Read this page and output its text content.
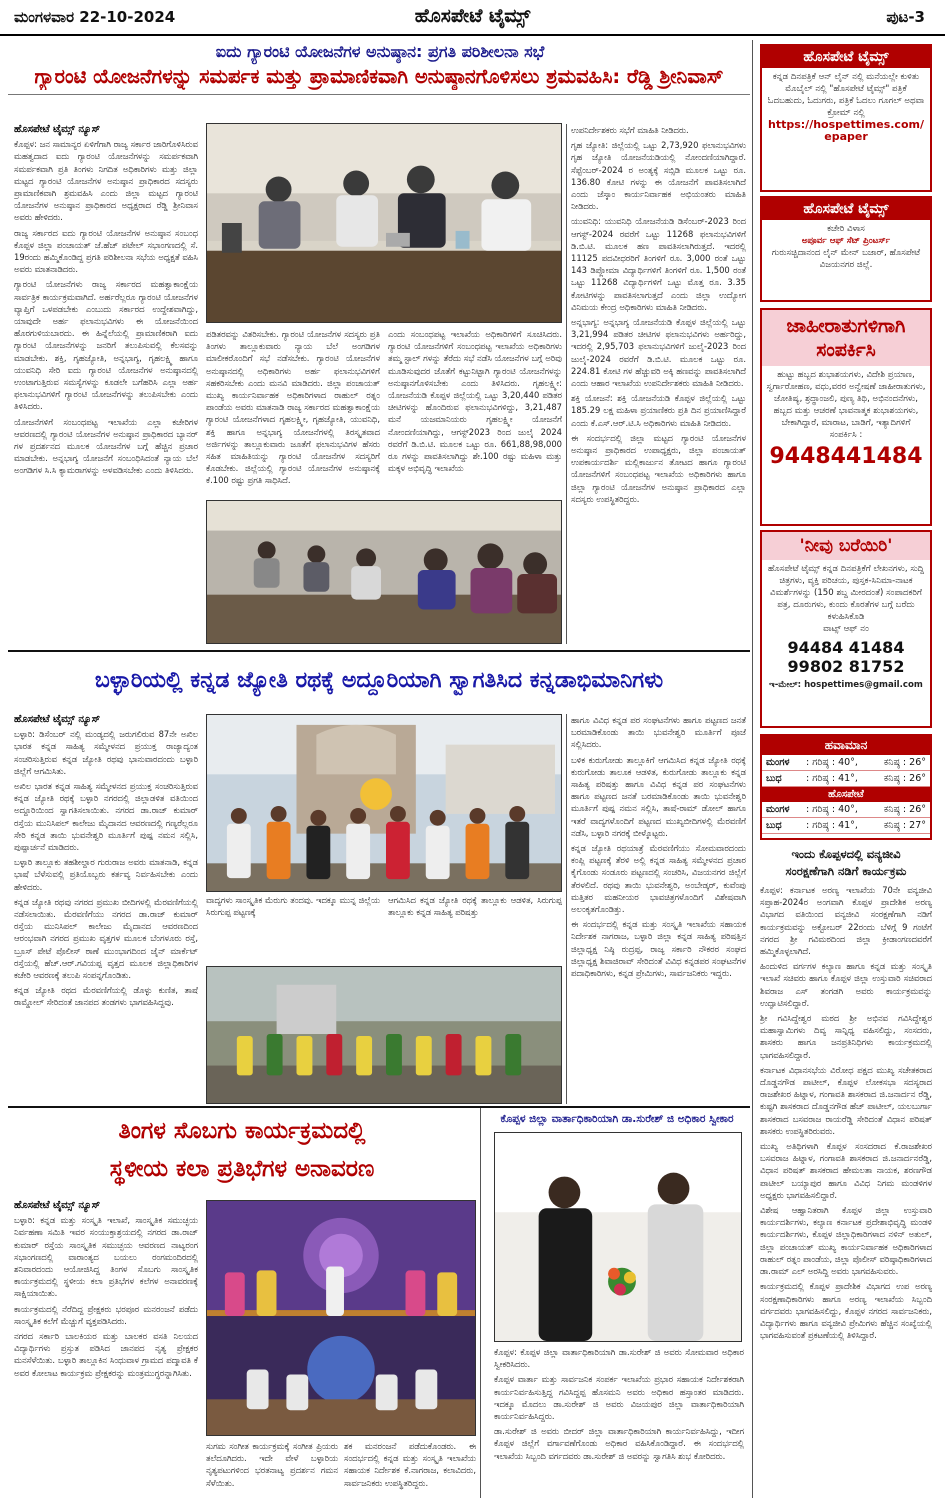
ಮಂಗಳವಾರ 22-10-2024	ಹೊಸಪೇಟೆ ಟೈಮ್ಸ್	ಪುಟ-3
ಐದು ಗ್ಯಾರಂಟಿ ಯೋಜನೆಗಳ ಅನುಷ್ಠಾನ: ಪ್ರಗತಿ ಪರಿಶೀಲನಾ ಸಭೆ
ಗ್ಯಾರಂಟಿ ಯೋಜನೆಗಳನ್ನು ಸಮರ್ಪಕ ಮತ್ತು ಪ್ರಾಮಾಣಿಕವಾಗಿ ಅನುಷ್ಠಾನಗೊಳಿಸಲು ಶ್ರಮವಹಿಸಿ: ರೆಡ್ಡಿ ಶ್ರೀನಿವಾಸ್
ಹೊಸಪೇಟೆ ಟೈಮ್ಸ್ ನ್ಯೂಸ್

ಕೊಪ್ಪಳ: ಜನ ಸಾಮಾನ್ಯರ ಏಳಿಗೆಗಾಗಿ ರಾಜ್ಯ ಸರ್ಕಾರ ಜಾರಿಗೊಳಿಸಿರುವ ಮಹತ್ವದಾದ ಐದು ಗ್ಯಾರಂಟಿ ಯೋಜನೆಗಳನ್ನು ಸಮರ್ಪಕವಾಗಿ ಸಮರ್ಪಕವಾಗಿ ಪ್ರತಿ ತಿಂಗಳು ನಿಗದಿತ ಅಧಿಕಾರಿಗಳು ಮತ್ತು ಜಿಲ್ಲಾ ಮಟ್ಟದ ಗ್ಯಾರಂಟಿ ಯೋಜನೆಗಳ ಅನುಷ್ಠಾನ ಪ್ರಾಧಿಕಾರದ ಸದಸ್ಯರು ಪ್ರಾಮಾಣಿಕವಾಗಿ ಶ್ರಮವಹಿಸಿ ಎಂದು ಜಿಲ್ಲಾ ಮಟ್ಟದ ಗ್ಯಾರಂಟಿ ಯೋಜನೆಗಳ ಅನುಷ್ಠಾನ ಪ್ರಾಧಿಕಾರದ ಅಧ್ಯಕ್ಷರಾದ ರೆಡ್ಡಿ ಶ್ರೀನಿವಾಸ ಅವರು ಹೇಳಿದರು.

ರಾಜ್ಯ ಸರ್ಕಾರದ ಐದು ಗ್ಯಾರಂಟಿ ಯೋಜನೆಗಳ ಅನುಷ್ಠಾನ ಸಂಬಂಧ ಕೊಪ್ಪಳ ಜಿಲ್ಲಾ ಪಂಚಾಯತ್ ಜೆ.ಹೆಚ್ ಪಟೇಲ್ ಸಭಾಂಗಣದಲ್ಲಿ ಸೆ. 19ರಂದು ಹಮ್ಮಿಕೊಂಡಿದ್ದ ಪ್ರಗತಿ ಪರಿಶೀಲನಾ ಸಭೆಯ ಅಧ್ಯಕ್ಷತೆ ವಹಿಸಿ ಅವರು ಮಾತನಾಡಿದರು.

ಗ್ಯಾರಂಟಿ ಯೋಜನೆಗಳು ರಾಜ್ಯ ಸರ್ಕಾರದ ಮಹತ್ವಾಕಾಂಕ್ಷೆಯ ಸಾರ್ವತ್ರಿಕ ಕಾರ್ಯಕ್ರಮವಾಗಿದೆ. ಅರ್ಹರೆಲ್ಲರೂ ಗ್ಯಾರಂಟಿ ಯೋಜನೆಗಳ ವ್ಯಾಪ್ತಿಗೆ ಒಳಪಡಬೇಕು ಎಂಬುದು ಸರ್ಕಾರದ ಉದ್ದೇಶವಾಗಿದ್ದು, ಯಾವುದೇ ಅರ್ಹ ಫಲಾನುಭವಿಗಳು ಈ ಯೋಜನೆಯಿಂದ ಹೊರಗುಳಿಯಬಾರದು. ಈ ಹಿನ್ನೆಲೆಯಲ್ಲಿ ಪ್ರಾಮಾಣಿಕರಾಗಿ ಐದು ಗ್ಯಾರಂಟಿ ಯೋಜನೆಗಳನ್ನು ಜನರಿಗೆ ತಲುಪಿಸುವಲ್ಲಿ ಕೆಲಸವನ್ನು ಮಾಡಬೇಕು. ಶಕ್ತಿ, ಗೃಹಜ್ಯೋತಿ, ಅನ್ನಭಾಗ್ಯ, ಗೃಹಲಕ್ಷ್ಮಿ ಹಾಗೂ ಯುವನಿಧಿ ಸೇರಿ ಐದು ಗ್ಯಾರಂಟಿ ಯೋಜನೆಗಳ ಅನುಷ್ಠಾನದಲ್ಲಿ ಉಂಟಾಗುತ್ತಿರುವ ಸಮಸ್ಯೆಗಳನ್ನು ಕೂಡಲೇ ಬಗೆಹರಿಸಿ ಎಲ್ಲಾ ಅರ್ಹ ಫಲಾನುಭವಿಗಳಿಗೆ ಗ್ಯಾರಂಟಿ ಯೋಜನೆಗಳನ್ನು ತಲುಪಿಸಬೇಕು ಎಂದು ತಿಳಿಸಿದರು.

ಯೋಜನೆಗಳಿಗೆ ಸಂಬಂಧಪಟ್ಟ ಇಲಾಖೆಯ ಎಲ್ಲಾ ಕಚೇರಿಗಳ ಆವರಣದಲ್ಲಿ ಗ್ಯಾರಂಟಿ ಯೋಜನೆಗಳ ಅನುಷ್ಠಾನ ಪ್ರಾಧಿಕಾರದ ಬ್ಯಾನರ್ ಗಳ ಪ್ರದರ್ಶನದ ಮೂಲಕ ಯೋಜನೆಗಳ ಬಗ್ಗೆ ಹೆಚ್ಚಿನ ಪ್ರಚಾರ ಮಾಡಬೇಕು. ಅನ್ನಭಾಗ್ಯ ಯೋಜನೆಗೆ ಸಂಬಂಧಿಸಿದಂತೆ ನ್ಯಾಯ ಬೆಲೆ ಅಂಗಡಿಗಳ ಸಿ.ಸಿ ಕ್ಯಾಮರಾಗಳನ್ನು ಅಳವಡಿಸಬೇಕು ಎಂದು ತಿಳಿಸಿದರು.

ಪಡಿತರವನ್ನು ವಿತರಿಸಬೇಕು. ಗ್ಯಾರಂಟಿ ಯೋಜನೆಗಳ ಸದಸ್ಯರು ಪ್ರತಿ ತಿಂಗಳು ತಾಲ್ಲೂಕುವಾರು ನ್ಯಾಯ ಬೆಲೆ ಅಂಗಡಿಗಳ ಮಾಲೀಕರೊಂದಿಗೆ ಸಭೆ ನಡೆಸಬೇಕು. ಗ್ಯಾರಂಟಿ ಯೋಜನೆಗಳ ಅನುಷ್ಠಾನದಲ್ಲಿ ಅಧಿಕಾರಿಗಳು ಅರ್ಹ ಫಲಾನುಭವಿಗಳಿಗೆ ಸಹಕರಿಸಬೇಕು ಎಂದು ಮನವಿ ಮಾಡಿದರು. ಜಿಲ್ಲಾ ಪಂಚಾಯತ್ ಮುಖ್ಯ ಕಾರ್ಯನಿರ್ವಾಹಕ ಅಧಿಕಾರಿಗಳಾದ ರಾಹುಲ್ ರತ್ನಂ ಪಾಂಡೆಯ ಅವರು ಮಾತನಾಡಿ ರಾಜ್ಯ ಸರ್ಕಾರದ ಮಹತ್ವಾಕಾಂಕ್ಷೆಯ ಗ್ಯಾರಂಟಿ ಯೋಜನೆಗಳಾದ ಗೃಹಲಕ್ಷ್ಮೀ, ಗೃಹಜ್ಯೋತಿ, ಯುವನಿಧಿ, ಶಕ್ತಿ ಹಾಗೂ ಅನ್ನಭಾಗ್ಯ ಯೋಜನೆಗಳಲ್ಲಿ ತಿರಸ್ಕೃತವಾದ ಅರ್ಜಿಗಳನ್ನು ತಾಲ್ಲೂಕುವಾರು ಜೂತೆಗೆ ಫಲಾನುಭವಿಗಳ ಹೆಸರು ಸಹಿತ ಮಾಹಿತಿಯನ್ನು ಗ್ಯಾರಂಟಿ ಯೋಜನೆಗಳ ಸದಸ್ಯರಿಗೆ ಕೊಡಬೇಕು. ಜಿಲ್ಲೆಯಲ್ಲಿ ಗ್ಯಾರಂಟಿ ಯೋಜನೆಗಳ ಅನುಷ್ಠಾನಕ್ಕೆ ಕೆ.100 ರಷ್ಟು ಪ್ರಗತಿ ಸಾಧಿಸಿದೆ.

ಎಂದು ಸಂಬಂಧಪಟ್ಟ ಇಲಾಖೆಯ ಅಧಿಕಾರಿಗಳಿಗೆ ಸೂಚಿಸಿದರು. ಗ್ಯಾರಂಟಿ ಯೋಜನೆಗಳಿಗೆ ಸಂಬಂಧಪಟ್ಟ ಇಲಾಖೆಯ ಅಧಿಕಾರಿಗಳು ತಮ್ಮ ಸ್ಟಾಲ್ ಗಳನ್ನು ತೆರೆದು ಸಭೆ ನಡೆಸಿ ಯೋಜನೆಗಳ ಬಗ್ಗೆ ಅರಿವು ಮೂಡಿಸುವುದರ ಜೊತೆಗೆ ಕಟ್ಟುನಿಟ್ಟಾಗಿ ಗ್ಯಾರಂಟಿ ಯೋಜನೆಗಳನ್ನು ಅನುಷ್ಠಾನಗೊಳಿಸಬೇಕು ಎಂದು ತಿಳಿಸಿದರು. ಗೃಹಲಕ್ಷ್ಮೀ: ಯೋಜನೆಯಡಿ ಕೊಪ್ಪಳ ಜಿಲ್ಲೆಯಲ್ಲಿ ಒಟ್ಟು 3,20,440 ಪಡಿತರ ಚೀಟಿಗಳನ್ನು ಹೊಂದಿರುವ ಫಲಾನುಭವಿಗಳಿದ್ದು, 3,21,487 ಮನೆ ಯಜಮಾನಿಯರು ಗೃಹಲಕ್ಷ್ಮೀ ಯೋಜನೆಗೆ ನೋಂದಣಿಯಾಗಿದ್ದು, ಆಗಸ್ಟ್2023 ರಿಂದ ಜುಲೈ 2024 ರವರೆಗೆ ಡಿ.ಬಿ.ಟಿ. ಮೂಲಕ ಒಟ್ಟು ರೂ. 661,88,98,000 ರೂ ಗಳನ್ನು ಪಾವತಿಸಲಾಗಿದ್ದು ಶೇ.100 ರಷ್ಟು ಮಹಿಳಾ ಮತ್ತು ಮಕ್ಕಳ ಅಭಿವೃದ್ಧಿ ಇಲಾಖೆಯ

ಉಪನಿರ್ದೇಶಕರು ಸಭೆಗೆ ಮಾಹಿತಿ ನೀಡಿದರು.

ಗೃಹ ಜ್ಯೋತಿ: ಜಿಲ್ಲೆಯಲ್ಲಿ ಒಟ್ಟು 2,73,920 ಫಲಾನುಭವಿಗಳು ಗೃಹ ಜ್ಯೋತಿ ಯೋಜನೆಯಡಿಯಲ್ಲಿ ನೋಂದಣಿಯಾಗಿದ್ದಾರೆ. ಸೆಪ್ಟೆಂಬರ್-2024 ರ ಅಂತ್ಯಕ್ಕೆ ಸಬ್ಸಿಡಿ ಮೂಲಕ ಒಟ್ಟು ರೂ. 136.80 ಕೋಟಿ ಗಳನ್ನು ಈ ಯೋಜನೆಗೆ ಪಾವತಿಸಲಾಗಿದೆ ಎಂದು ಜೆಸ್ಕಾಂ ಕಾರ್ಯನಿರ್ವಾಹಕ ಅಭಿಯಂತರು ಮಾಹಿತಿ ನೀಡಿದರು.

ಯುವನಿಧಿ: ಯುವನಿಧಿ ಯೋಜನೆಯಡಿ ಡಿಸೆಂಬರ್-2023 ರಿಂದ ಆಗಸ್ಟ್-2024 ರವರೆಗೆ ಒಟ್ಟು 11268 ಫಲಾನುಭವಿಗಳಿಗೆ ಡಿ.ಬಿ.ಟಿ. ಮೂಲಕ ಹಣ ಪಾವತಿಸಲಾಗಿರುತ್ತದೆ. ಇದರಲ್ಲಿ 11125 ಪದವೀಧರರಿಗೆ ತಿಂಗಳಿಗೆ ರೂ. 3,000 ರಂತೆ ಒಟ್ಟು 143 ಡಿಪ್ಲೋಮಾ ವಿದ್ಯಾರ್ಥಿಗಳಿಗೆ ತಿಂಗಳಿಗೆ ರೂ. 1,500 ರಂತೆ ಒಟ್ಟು 11268 ವಿದ್ಯಾರ್ಥಿಗಳಿಗೆ ಒಟ್ಟು ಮೊತ್ತ ರೂ. 3.35 ಕೋಟಿಗಳನ್ನು ಪಾವತಿಸಲಾಗುತ್ತದೆ ಎಂದು ಜಿಲ್ಲಾ ಉದ್ಯೋಗ ವಿನಿಮಯ ಕೇಂದ್ರ ಅಧಿಕಾರಿಗಳು ಮಾಹಿತಿ ನೀಡಿದರು.

ಅನ್ನಭಾಗ್ಯ: ಅನ್ನಭಾಗ್ಯ ಯೋಜನೆಯಡಿ ಕೊಪ್ಪಳ ಜಿಲ್ಲೆಯಲ್ಲಿ ಒಟ್ಟು 3,21,994 ಪಡಿತರ ಚೀಟಿಗಳ ಫಲಾನುಭವಿಗಳು ಅರ್ಹರಿದ್ದು, ಇದರಲ್ಲಿ 2,95,703 ಫಲಾನುಭವಿಗಳಿಗೆ ಜುಲೈ-2023 ರಿಂದ ಜುಲೈ-2024 ರವರೆಗೆ ಡಿ.ಬಿ.ಟಿ. ಮೂಲಕ ಒಟ್ಟು ರೂ. 224.81 ಕೋಟಿ ಗಳ ಹೆಚ್ಚುವರಿ ಅಕ್ಕಿ ಹಣವನ್ನು ಪಾವತಿಸಲಾಗಿದೆ ಎಂದು ಆಹಾರ ಇಲಾಖೆಯ ಉಪನಿರ್ದೇಶಕರು ಮಾಹಿತಿ ನೀಡಿದರು.

ಶಕ್ತಿ ಯೋಜನೆ: ಶಕ್ತಿ ಯೋಜನೆಯಡಿ ಕೊಪ್ಪಳ ಜಿಲ್ಲೆಯಲ್ಲಿ ಒಟ್ಟು 185.29 ಲಕ್ಷ ಮಹಿಳಾ ಪ್ರಯಾಣಿಕರು ಪ್ರತಿ ದಿನ ಪ್ರಯಾಣಿಸಿದ್ದಾರೆ ಎಂದು ಕೆ.ಎಸ್.ಆರ್.ಟಿ.ಸಿ ಅಧಿಕಾರಿಗಳು ಮಾಹಿತಿ ನೀಡಿದರು.

ಈ ಸಂದರ್ಭದಲ್ಲಿ ಜಿಲ್ಲಾ ಮಟ್ಟದ ಗ್ಯಾರಂಟಿ ಯೋಜನೆಗಳ ಅನುಷ್ಠಾನ ಪ್ರಾಧಿಕಾರದ ಉಪಾಧ್ಯಕ್ಷರು, ಜಿಲ್ಲಾ ಪಂಚಾಯತ್ ಉಪಕಾರ್ಯದರ್ಶಿ ಮಲ್ಲಿಕಾರ್ಜುನ ತೋಟದ ಹಾಗೂ ಗ್ಯಾರಂಟಿ ಯೋಜನೆಗಳಿಗೆ ಸಂಬಂಧಪಟ್ಟ ಇಲಾಖೆಯ ಅಧಿಕಾರಿಗಳು ಹಾಗೂ ಜಿಲ್ಲಾ ಗ್ಯಾರಂಟಿ ಯೋಜನೆಗಳ ಅನುಷ್ಠಾನ ಪ್ರಾಧಿಕಾರದ ಎಲ್ಲಾ ಸದಸ್ಯರು ಉಪಸ್ಥಿತರಿದ್ದರು.

ಬಳ್ಳಾರಿಯಲ್ಲಿ ಕನ್ನಡ ಜ್ಯೋತಿ ರಥಕ್ಕೆ ಅದ್ದೂರಿಯಾಗಿ ಸ್ವಾಗತಿಸಿದ ಕನ್ನಡಾಭಿಮಾನಿಗಳು
ಹೊಸಪೇಟೆ ಟೈಮ್ಸ್ ನ್ಯೂಸ್

ಬಳ್ಳಾರಿ: ಡಿಸೆಂಬರ್ ನಲ್ಲಿ ಮಂಡ್ಯದಲ್ಲಿ ಜರುಗಲಿರುವ 87ನೇ ಅಖಿಲ ಭಾರತ ಕನ್ನಡ ಸಾಹಿತ್ಯ ಸಮ್ಮೇಳನದ ಪ್ರಯುಕ್ತ ರಾಜ್ಯಾದ್ಯಂತ ಸಂಚರಿಸುತ್ತಿರುವ ಕನ್ನಡ ಜ್ಯೋತಿ ರಥವು ಭಾನುವಾರದಂದು ಬಳ್ಳಾರಿ ಜಿಲ್ಲೆಗೆ ಆಗಮಿಸಿತು.

ಅಖಿಲ ಭಾರತ ಕನ್ನಡ ಸಾಹಿತ್ಯ ಸಮ್ಮೇಳನದ ಪ್ರಯುಕ್ತ ಸಂಚರಿಸುತ್ತಿರುವ ಕನ್ನಡ ಜ್ಯೋತಿ ರಥಕ್ಕೆ ಬಳ್ಳಾರಿ ನಗರದಲ್ಲಿ ಜಿಲ್ಲಾಡಳಿತ ವತಿಯಿಂದ ಅದ್ದೂರಿಯಿಂದ ಸ್ವಾಗತಿಸಲಾಯಿತು. ನಗರದ ಡಾ.ರಾಜ್ ಕುಮಾರ್ ರಸ್ತೆಯ ಮುನಿಸಿಪಲ್ ಕಾಲೇಜು ಮೈದಾನದ ಆವರಣದಲ್ಲಿ ಗಣ್ಯರೆಲ್ಲರೂ ಸೇರಿ ಕನ್ನಡ ತಾಯಿ ಭುವನೇಶ್ವರಿ ಮೂರ್ತಿಗೆ ಪುಷ್ಪ ನಮನ ಸಲ್ಲಿಸಿ, ಪುಷ್ಪಾರ್ಚನೆ ಮಾಡಿದರು.

ಬಳ್ಳಾರಿ ತಾಲ್ಲೂಕು ತಹಶೀಲ್ದಾರ ಗುರುರಾಜ ಅವರು ಮಾತನಾಡಿ, ಕನ್ನಡ ಭಾಷೆ ಬೆಳೆಸುವಲ್ಲಿ ಪ್ರತಿಯೊಬ್ಬರು ಕರ್ತವ್ಯ ನಿರ್ವಹಿಸಬೇಕು ಎಂದು ಹೇಳಿದರು.

ಕನ್ನಡ ಜ್ಯೋತಿ ರಥವು ನಗರದ ಪ್ರಮುಖ ಬೀದಿಗಳಲ್ಲಿ ಮೆರವಣಿಗೆಯಲ್ಲಿ ನಡೆಸಲಾಯಿತು. ಮೆರವಣಿಗೆಯು ನಗರದ ಡಾ.ರಾಜ್ ಕುಮಾರ್ ರಸ್ತೆಯ ಮುನಿಸಿಪಲ್ ಕಾಲೇಜು ಮೈದಾನದ ಆವರಣದಿಂದ ಆರಂಭವಾಗಿ ನಗರದ ಪ್ರಮುಖ ವೃತ್ತಗಳ ಮೂಲಕ ಬೆಂಗಳೂರು ರಸ್ತೆ, ಬ್ರೂಸ್ ಪೇಟೆ ಪೊಲೀಸ್ ಠಾಣೆ ಮುಂಭಾಗದಿಂದ ಜೈನ್ ಮಾರ್ಕೆಟ್ ರಸ್ತೆಯಲ್ಲಿ ಹೆಚ್.ಆರ್.ಗವಿಯಪ್ಪ ವೃತ್ತದ ಮೂಲಕ ಜಿಲ್ಲಾಧಿಕಾರಿಗಳ ಕಚೇರಿ ಆವರಣಕ್ಕೆ ತಲುಪಿ ಸಂಪನ್ನಗೊಂಡಿತು.

ಕನ್ನಡ ಜ್ಯೋತಿ ರಥದ ಮೆರವಣಿಗೆಯಲ್ಲಿ ಡೊಳ್ಳು ಕುಣಿತ, ತಾಷೆ ರಾಮ್ಡೋಲ್ ಸೇರಿದಂತೆ ಜಾನಪದ ತಂಡಗಳು ಭಾಗವಹಿಸಿದ್ದವು.

ವಾದ್ಯಗಳು ಸಾಂಸ್ಕೃತಿಕ ಮೆರುಗು ತಂದವು. ಇದಕ್ಕೂ ಮುನ್ನ ಜಿಲ್ಲೆಯ ಸಿರುಗುಪ್ಪ ಪಟ್ಟಣಕ್ಕೆ
ಆಗಮಿಸಿದ ಕನ್ನಡ ಜ್ಯೋತಿ ರಥಕ್ಕೆ ತಾಲ್ಲೂಕು ಆಡಳಿತ, ಸಿರುಗುಪ್ಪ ತಾಲ್ಲೂಕು ಕನ್ನಡ ಸಾಹಿತ್ಯ ಪರಿಷತ್ತು

ಹಾಗೂ ವಿವಿಧ ಕನ್ನಡ ಪರ ಸಂಘಟನೆಗಳು ಹಾಗೂ ಪಟ್ಟಣದ ಜನತೆ ಬರಮಾಡಿಕೊಂಡು ತಾಯಿ ಭುವನೇಶ್ವರಿ ಮೂರ್ತಿಗೆ ಪೂಜೆ ಸಲ್ಲಿಸಿದರು.

ಬಳಿಕ ಕುರುಗೋಡು ತಾಲ್ಲೂಕಿಗೆ ಆಗಮಿಸಿದ ಕನ್ನಡ ಜ್ಯೋತಿ ರಥಕ್ಕೆ ಕುರುಗೋಡು ತಾಲೂಕ ಆಡಳಿತ, ಕುರುಗೋಡು ತಾಲ್ಲೂಕು ಕನ್ನಡ ಸಾಹಿತ್ಯ ಪರಿಷತ್ತು ಹಾಗೂ ವಿವಿಧ ಕನ್ನಡ ಪರ ಸಂಘಟನೆಗಳು ಹಾಗೂ ಪಟ್ಟಣದ ಜನತೆ ಬರಮಾಡಿಕೊಂಡು ತಾಯಿ ಭುವನೇಶ್ವರಿ ಮೂರ್ತಿಗೆ ಪುಷ್ಪ ನಮನ ಸಲ್ಲಿಸಿ, ತಾಷೆ-ರಾಮ್ ಡೋಲ್ ಹಾಗೂ ಇತರೆ ವಾದ್ಯಗಳೊಂದಿಗೆ ಪಟ್ಟಣದ ಮುಖ್ಯಬೀದಿಗಳಲ್ಲಿ ಮೆರವಣಿಗೆ ನಡೆಸಿ, ಬಳ್ಳಾರಿ ನಗರಕ್ಕೆ ಬೀಳ್ಕೊಟ್ಟರು.

ಕನ್ನಡ ಜ್ಯೋತಿ ರಥಯಾತ್ರೆ ಮೆರವಣಿಗೆಯು ಸೋಮವಾರದಂದು ಕಂಪ್ಲಿ ಪಟ್ಟಣಕ್ಕೆ ತೆರಳಿ ಅಲ್ಲಿ ಕನ್ನಡ ಸಾಹಿತ್ಯ ಸಮ್ಮೇಳನದ ಪ್ರಚಾರ ಕೈಗೊಂಡು ಸಂಡೂರು ಪಟ್ಟಣದಲ್ಲಿ ಸಂಚರಿಸಿ, ವಿಜಯನಗರ ಜಿಲ್ಲೆಗೆ ತೆರಳಲಿದೆ. ರಥವು ತಾಯಿ ಭುವನೇಶ್ವರಿ, ಅಂಬೇಡ್ಕರ್, ಕುವೆಂಪು ಮತ್ತಿತರ ಮಹನೀಯರ ಭಾವಚಿತ್ರಗಳೊಂದಿಗೆ ವಿಶೇಷವಾಗಿ ಅಲಂಕೃತಗೊಂಡಿತ್ತು.

ಈ ಸಂದರ್ಭದಲ್ಲಿ ಕನ್ನಡ ಮತ್ತು ಸಂಸ್ಕೃತಿ ಇಲಾಖೆಯ ಸಹಾಯಕ ನಿರ್ದೇಶಕ ನಾಗರಾಜ, ಬಳ್ಳಾರಿ ಜಿಲ್ಲಾ ಕನ್ನಡ ಸಾಹಿತ್ಯ ಪರಿಷತ್ತಿನ ಜಿಲ್ಲಾಧ್ಯಕ್ಷ ನಿಷ್ಠಿ ರುದ್ರಪ್ಪ, ರಾಜ್ಯ ಸರ್ಕಾರಿ ನೌಕರರ ಸಂಘದ ಜಿಲ್ಲಾಧ್ಯಕ್ಷ ಶಿವಾಜಿರಾವ್ ಸೇರಿದಂತೆ ವಿವಿಧ ಕನ್ನಡಪರ ಸಂಘಟನೆಗಳ ಪದಾಧಿಕಾರಿಗಳು, ಕನ್ನಡ ಪ್ರೇಮಿಗಳು, ಸಾರ್ವಜನಿಕರು ಇದ್ದರು.

ತಿಂಗಳ ಸೊಬಗು ಕಾರ್ಯಕ್ರಮದಲ್ಲಿ
ಸ್ಥಳೀಯ ಕಲಾ ಪ್ರತಿಭೆಗಳ ಅನಾವರಣ
ಹೊಸಪೇಟೆ ಟೈಮ್ಸ್ ನ್ಯೂಸ್

ಬಳ್ಳಾರಿ: ಕನ್ನಡ ಮತ್ತು ಸಂಸ್ಕೃತಿ ಇಲಾಖೆ, ಸಾಂಸ್ಕೃತಿಕ ಸಮುಚ್ಛಯ ನಿರ್ವಹಣಾ ಸಮಿತಿ ಇವರ ಸಂಯುಕ್ತಾಶ್ರಯದಲ್ಲಿ ನಗರದ ಡಾ.ರಾಜ್ ಕುಮಾರ್ ರಸ್ತೆಯ ಸಾಂಸ್ಕೃತಿಕ ಸಮುಚ್ಛಯ ಆವರಣದ ನಾಟ್ಯರಂಗ ಸಭಾಂಗಣದಲ್ಲಿ ವಾರಾಂತ್ಯದ ಬಯಲು ರಂಗಮಂದಿರದಲ್ಲಿ ಶನಿವಾರದಂದು ಆಯೋಜಿಸಿದ್ದ ತಿಂಗಳ ಸೊಬಗು ಸಾಂಸ್ಕೃತಿಕ ಕಾರ್ಯಕ್ರಮದಲ್ಲಿ ಸ್ಥಳೀಯ ಕಲಾ ಪ್ರತಿಭೆಗಳ ಕಲೆಗಳ ಅನಾವರಣಕ್ಕೆ ಸಾಕ್ಷಿಯಾಯಿತು.

ಕಾರ್ಯಕ್ರಮದಲ್ಲಿ ನೆರೆದಿದ್ದ ಪ್ರೇಕ್ಷಕರು ಭರಪೂರ ಮನರಂಜನೆ ಪಡೆದು ಸಾಂಸ್ಕೃತಿಕ ಕಲೆಗೆ ಮೆಚ್ಚುಗೆ ವ್ಯಕ್ತಪಡಿಸಿದರು.

ನಗರದ ಸರ್ಕಾರಿ ಬಾಲಕಿಯರ ಮತ್ತು ಬಾಲಕರ ವಸತಿ ನಿಲಯದ ವಿದ್ಯಾರ್ಥಿಗಳು ಪ್ರಸ್ತುತ ಪಡಿಸಿದ ಜಾನಪದ ನೃತ್ಯ ಪ್ರೇಕ್ಷಕರ ಮನಸೆಳೆಯಿತು. ಬಳ್ಳಾರಿ ತಾಲ್ಲೂಕಿನ ಸಿಂಧುವಾಳ ಗ್ರಾಮದ ಪದ್ಮಾವತಿ ಕೆ ಅವರ ಕೋಲಾಟ ಕಾರ್ಯಕ್ರಮ ಪ್ರೇಕ್ಷಕರನ್ನು ಮಂತ್ರಮುಗ್ಧರನ್ನಾಗಿಸಿತು.

ಸುಗಮ ಸಂಗೀತ ಕಾರ್ಯಕ್ರಮಕ್ಕೆ ಸಂಗೀತ ಪ್ರಿಯರು ತಲೆದೂಗಿದರು. ಇದೇ ವೇಳೆ ಬಳ್ಳಾರಿಯ ನೃತ್ಯಪಟುಗಳಿಂದ ಭರತನಾಟ್ಯ ಪ್ರದರ್ಶನ ಗಮನ ಸೆಳೆಯಿತು.
ಶಕ ಮನರಂಜನೆ ಪಡೆದುಕೊಂಡರು. ಈ ಸಂದರ್ಭದಲ್ಲಿ ಕನ್ನಡ ಮತ್ತು ಸಂಸ್ಕೃತಿ ಇಲಾಖೆಯ ಸಹಾಯಕ ನಿರ್ದೇಶಕ ಕೆ.ನಾಗರಾಜ, ಕಲಾವಿದರು, ಸಾರ್ವಜನಿಕರು ಉಪಸ್ಥಿತರಿದ್ದರು.
ಕೊಪ್ಪಳ ಜಿಲ್ಲಾ ವಾರ್ತಾಧಿಕಾರಿಯಾಗಿ ಡಾ.ಸುರೇಶ್ ಜಿ ಅಧಿಕಾರ ಸ್ವೀಕಾರ

ಕೊಪ್ಪಳ: ಕೊಪ್ಪಳ ಜಿಲ್ಲಾ ವಾರ್ತಾಧಿಕಾರಿಯಾಗಿ ಡಾ.ಸುರೇಶ್ ಜಿ ಅವರು ಸೋಮವಾರ ಅಧಿಕಾರ ಸ್ವೀಕರಿಸಿದರು.

ಕೊಪ್ಪಳ ವಾರ್ತಾ ಮತ್ತು ಸಾರ್ವಜನಿಕ ಸಂಪರ್ಕ ಇಲಾಖೆಯ ಪ್ರಭಾರ ಸಹಾಯಕ ನಿರ್ದೇಶಕರಾಗಿ ಕಾರ್ಯನಿರ್ವಹಿಸುತ್ತಿದ್ದ ಗವಿಸಿದ್ದಪ್ಪ ಹೊಸಮನಿ ಅವರು ಅಧಿಕಾರ ಹಸ್ತಾಂತರ ಮಾಡಿದರು. ಇದಕ್ಕೂ ಮೊದಲು ಡಾ.ಸುರೇಶ್ ಜಿ ಅವರು ವಿಜಯಪುರ ಜಿಲ್ಲಾ ವಾರ್ತಾಧಿಕಾರಿಯಾಗಿ ಕಾರ್ಯನಿರ್ವಹಿಸಿದ್ದರು.

ಡಾ.ಸುರೇಶ್ ಜಿ ಅವರು ಬೀದರ್ ಜಿಲ್ಲಾ ವಾರ್ತಾಧಿಕಾರಿಯಾಗಿ ಕಾರ್ಯನಿರ್ವಹಿಸಿದ್ದು, ಇದೀಗ ಕೊಪ್ಪಳ ಜಿಲ್ಲೆಗೆ ವರ್ಗಾವಣೆಗೊಂಡು ಅಧಿಕಾರ ವಹಿಸಿಕೊಂಡಿದ್ದಾರೆ. ಈ ಸಂದರ್ಭದಲ್ಲಿ ಇಲಾಖೆಯ ಸಿಬ್ಬಂದಿ ವರ್ಗದವರು ಡಾ.ಸುರೇಶ್ ಜಿ ಅವರನ್ನು ಸ್ವಾಗತಿಸಿ ಶುಭ ಕೋರಿದರು.

ಹೊಸಪೇಟೆ ಟೈಮ್ಸ್
ಕನ್ನಡ ದಿನಪತ್ರಿಕೆ ಆನ್ ಲೈನ್ ನಲ್ಲಿ ಮನೆಯಲ್ಲೇ ಕುಳಿತು ಮೊಬೈಲ್ ನಲ್ಲಿ "ಹೊಸಪೇಟೆ ಟೈಮ್ಸ್" ಪತ್ರಿಕೆ ಓದಬಹುದು, ಓದುಗರು, ಪತ್ರಿಕೆ ಓದಲು ಗೂಗಲ್ ಅಥವಾ ಕ್ರೋಮ್ ನಲ್ಲಿ
https://hospettimes.com/
epaper
ಹೊಸಪೇಟೆ ಟೈಮ್ಸ್
ಕಚೇರಿ ವಿಳಾಸ
ಅಪೂರ್ವ ಆಫ್ ಸೆಟ್ ಪ್ರಿಂಟರ್ಸ್
ಗುರುಸಚ್ಚಿದಾನಂದ ಲೈನ್ ಮೇನ್ ಬಜಾರ್, ಹೊಸಪೇಟೆ
ವಿಜಯನಗರ ಜಿಲ್ಲೆ.
ಜಾಹೀರಾತುಗಳಿಗಾಗಿ
ಸಂಪರ್ಕಿಸಿ
ಹುಟ್ಟು ಹಬ್ಬದ ಶುಭಾಶಯಗಳು, ವಿದೇಶಿ ಪ್ರಯಾಣ, ಸ್ವರ್ಗಾರೋಹಣ, ವಧು,ವರರ ಅನ್ವೇಷಣೆ ಜಾಹೀರಾತುಗಳು, ಜೋತಿಷ್ಯ, ಶ್ರದ್ಧಾಂಜಲಿ, ಪುಣ್ಯ ತಿಥಿ, ಅಭಿನಂದನೆಗಳು, ಹಬ್ಬದ ಮತ್ತು ಆಚರಣೆ ಭಾವನಾತ್ಮಕ ಶುಭಾಶಯಗಳು, ಬೇಕಾಗಿದ್ದಾರೆ, ಮಾರಾಟ, ಬಾಡಿಗೆ, ಇತ್ಯಾದಿಗಳಿಗೆ
ಸಂಪರ್ಕಿಸಿ :
9448441484
'ನೀವು ಬರೆಯಿರಿ'
ಹೊಸಪೇಟೆ ಟೈಮ್ಸ್ ಕನ್ನಡ ದಿನಪತ್ರಿಕೆಗೆ ಲೇಖನಗಳು, ಸುದ್ದಿ ಚಿತ್ರಗಳು, ವ್ಯಕ್ತಿ ಪರಿಚಯ, ಪುಸ್ತಕ-ಸಿನಿಮಾ-ನಾಟಕ ವಿಮರ್ಶೆಗಳನ್ನು (150 ಶಬ್ದ ಮೀರದಂತೆ) ಸಂಪಾದಕರಿಗೆ ಪತ್ರ, ದೂರುಗಳು, ಕುಂದು ಕೊರತೆಗಳ ಬಗ್ಗೆ ಬರೆದು ಕಳುಹಿಸಿಕೊಡಿ
ವಾಟ್ಸ್ ಆಫ್ ನಂ
94484 41484
99802 81752
ಇ-ಮೇಲ್: hospettimes@gmail.com
ಹವಾಮಾನ
ಮಂಗಳ	: ಗರಿಷ್ಠ : 40°,	ಕನಿಷ್ಠ : 26°
ಬುಧ	: ಗರಿಷ್ಠ : 41°,	ಕನಿಷ್ಠ : 26°
ಹೊಸಪೇಟೆ
ಮಂಗಳ	: ಗರಿಷ್ಠ : 40°,	ಕನಿಷ್ಠ : 26°
ಬುಧ	: ಗರಿಷ್ಠ : 41°,	ಕನಿಷ್ಠ : 27°
ಇಂದು ಕೊಪ್ಪಳದಲ್ಲಿ ವನ್ಯಜೀವಿ
ಸಂರಕ್ಷಣೆಗಾಗಿ ನಡಿಗೆ ಕಾರ್ಯಕ್ರಮ

ಕೊಪ್ಪಳ: ಕರ್ನಾಟಕ ಅರಣ್ಯ ಇಲಾಖೆಯ 70ನೇ ವನ್ಯಜೀವಿ ಸಪ್ತಾಹ-2024ರ ಅಂಗವಾಗಿ ಕೊಪ್ಪಳ ಪ್ರಾದೇಶಿಕ ಅರಣ್ಯ ವಿಭಾಗದ ವತಿಯಿಂದ ವನ್ಯಜೀವಿ ಸಂರಕ್ಷಣೆಗಾಗಿ ನಡಿಗೆ ಕಾರ್ಯಕ್ರಮವನ್ನು ಅಕ್ಟೋಬರ್ 22ರಂದು ಬೆಳಿಗ್ಗೆ 9 ಗಂಟೆಗೆ ನಗರದ ಶ್ರೀ ಗವಿಮಠದಿಂದ ಜಿಲ್ಲಾ ಕ್ರೀಡಾಂಗಣದವರೆಗೆ ಹಮ್ಮಿಕೊಳ್ಳಲಾಗಿದೆ.

ಹಿಂದುಳಿದ ವರ್ಗಗಳ ಕಲ್ಯಾಣ ಹಾಗೂ ಕನ್ನಡ ಮತ್ತು ಸಂಸ್ಕೃತಿ ಇಲಾಖೆ ಸಚಿವರು ಹಾಗೂ ಕೊಪ್ಪಳ ಜಿಲ್ಲಾ ಉಸ್ತುವಾರಿ ಸಚಿವರಾದ ಶಿವರಾಜ ಎಸ್ ತಂಗಡಗಿ ಅವರು ಕಾರ್ಯಕ್ರಮವನ್ನು ಉದ್ಘಾಟಿಸಲಿದ್ದಾರೆ.

ಶ್ರೀ ಗವಿಸಿದ್ದೇಶ್ವರ ಮಠದ ಶ್ರೀ ಅಭಿನವ ಗವಿಸಿದ್ದೇಶ್ವರ ಮಹಾಸ್ವಾಮಿಗಳು ದಿವ್ಯ ಸಾನ್ನಿಧ್ಯ ವಹಿಸಲಿದ್ದು, ಸಂಸದರು, ಶಾಸಕರು ಹಾಗೂ ಜನಪ್ರತಿನಿಧಿಗಳು ಕಾರ್ಯಕ್ರಮದಲ್ಲಿ ಭಾಗವಹಿಸಲಿದ್ದಾರೆ.

ಕರ್ನಾಟಕ ವಿಧಾನಸಭೆಯ ವಿರೋಧ ಪಕ್ಷದ ಮುಖ್ಯ ಸಚೇತಕರಾದ ದೊಡ್ಡನಗೌಡ ಪಾಟೀಲ್, ಕೊಪ್ಪಳ ಲೋಕಸಭಾ ಸದಸ್ಯರಾದ ರಾಜಶೇಖರ ಹಿಟ್ನಾಳ, ಗಂಗಾವತಿ ಶಾಸಕರಾದ ಜಿ.ಜನಾರ್ದನ ರೆಡ್ಡಿ, ಕುಷ್ಟಗಿ ಶಾಸಕರಾದ ದೊಡ್ಡನಗೌಡ ಹೆಚ್ ಪಾಟೀಲ್, ಯಲಬುರ್ಗಾ ಶಾಸಕರಾದ ಬಸವರಾಜ ರಾಯರೆಡ್ಡಿ ಸೇರಿದಂತೆ ವಿಧಾನ ಪರಿಷತ್ ಶಾಸಕರು ಉಪಸ್ಥಿತರಿರುವರು.

ಮುಖ್ಯ ಅತಿಥಿಗಳಾಗಿ ಕೊಪ್ಪಳ ಸಂಸದರಾದ ಕೆ.ರಾಜಶೇಖರ ಬಸವರಾಜ ಹಿಟ್ನಾಳ, ಗಂಗಾವತಿ ಶಾಸಕರಾದ ಜಿ.ಜನಾರ್ದನರೆಡ್ಡಿ, ವಿಧಾನ ಪರಿಷತ್ ಶಾಸಕರಾದ ಹೇಮಲತಾ ನಾಯಕ, ಶರಣಗೌಡ ಪಾಟೀಲ್ ಬಯ್ಯಾಪುರ ಹಾಗೂ ವಿವಿಧ ನಿಗಮ ಮಂಡಳಿಗಳ ಅಧ್ಯಕ್ಷರು ಭಾಗವಹಿಸಲಿದ್ದಾರೆ.

ವಿಶೇಷ ಆಹ್ವಾನಿತರಾಗಿ ಕೊಪ್ಪಳ ಜಿಲ್ಲಾ ಉಸ್ತುವಾರಿ ಕಾರ್ಯದರ್ಶಿಗಳು, ಕಲ್ಯಾಣ ಕರ್ನಾಟಕ ಪ್ರದೇಶಾಭಿವೃದ್ಧಿ ಮಂಡಳಿ ಕಾರ್ಯದರ್ಶಿಗಳು, ಕೊಪ್ಪಳ ಜಿಲ್ಲಾಧಿಕಾರಿಗಳಾದ ನಳಿನ್ ಅತುಲ್, ಜಿಲ್ಲಾ ಪಂಚಾಯತ್ ಮುಖ್ಯ ಕಾರ್ಯನಿರ್ವಾಹಕ ಅಧಿಕಾರಿಗಳಾದ ರಾಹುಲ್ ರತ್ನಂ ಪಾಂಡೆಯ, ಜಿಲ್ಲಾ ಪೊಲೀಸ್ ವರಿಷ್ಠಾಧಿಕಾರಿಗಳಾದ ಡಾ.ರಾಮ್ ಎಲ್ ಅರಸಿದ್ದಿ ಅವರು ಭಾಗವಹಿಸುವರು.

ಕಾರ್ಯಕ್ರಮದಲ್ಲಿ ಕೊಪ್ಪಳ ಪ್ರಾದೇಶಿಕ ವಿಭಾಗದ ಉಪ ಅರಣ್ಯ ಸಂರಕ್ಷಣಾಧಿಕಾರಿಗಳು ಹಾಗೂ ಅರಣ್ಯ ಇಲಾಖೆಯ ಸಿಬ್ಬಂದಿ ವರ್ಗದವರು ಭಾಗವಹಿಸಲಿದ್ದು, ಕೊಪ್ಪಳ ನಗರದ ಸಾರ್ವಜನಿಕರು, ವಿದ್ಯಾರ್ಥಿಗಳು ಹಾಗೂ ವನ್ಯಜೀವಿ ಪ್ರೇಮಿಗಳು ಹೆಚ್ಚಿನ ಸಂಖ್ಯೆಯಲ್ಲಿ ಭಾಗವಹಿಸುವಂತೆ ಪ್ರಕಟಣೆಯಲ್ಲಿ ತಿಳಿಸಿದ್ದಾರೆ.
